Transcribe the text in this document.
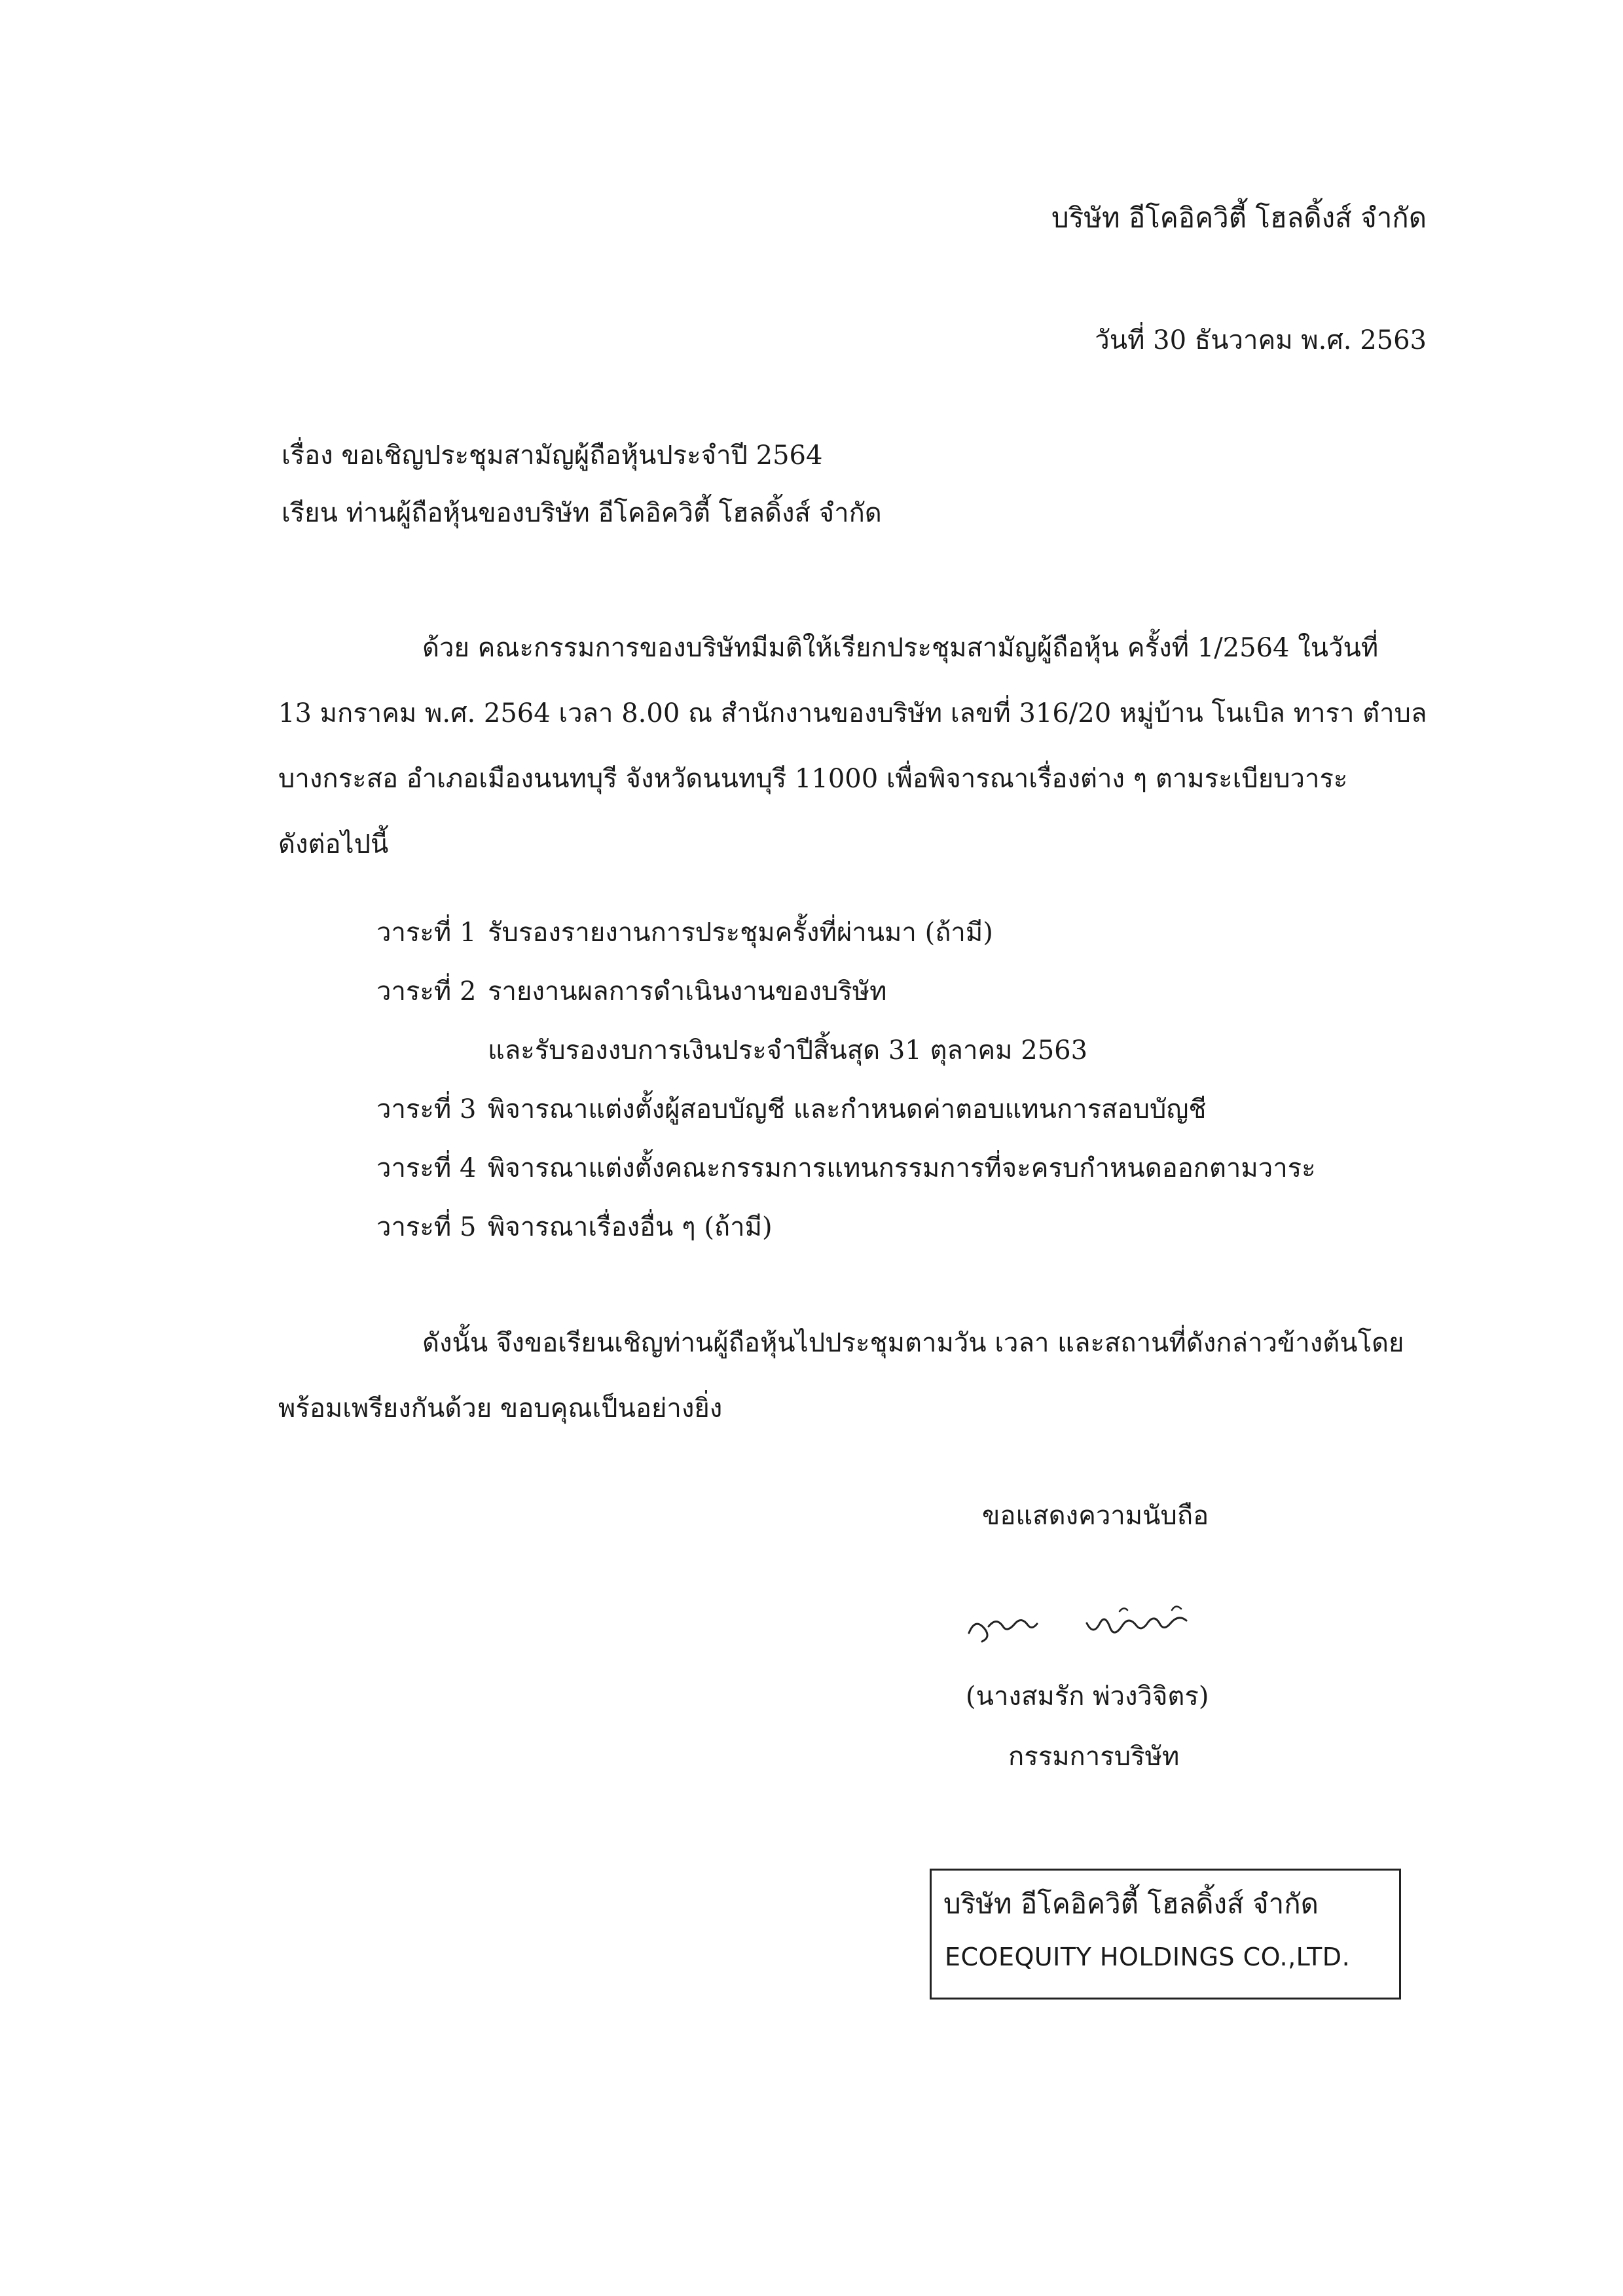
บริษัท อีโคอิควิตี้ โฮลดิ้งส์ จำกัด
วันที่ 30 ธันวาคม พ.ศ. 2563
เรื่อง ขอเชิญประชุมสามัญผู้ถือหุ้นประจำปี 2564
เรียน ท่านผู้ถือหุ้นของบริษัท อีโคอิควิตี้ โฮลดิ้งส์ จำกัด
ด้วย คณะกรรมการของบริษัทมีมติให้เรียกประชุมสามัญผู้ถือหุ้น ครั้งที่ 1/2564 ในวันที่
13 มกราคม พ.ศ. 2564 เวลา 8.00 ณ สำนักงานของบริษัท เลขที่ 316/20 หมู่บ้าน โนเบิล ทารา ตำบล
บางกระสอ อำเภอเมืองนนทบุรี จังหวัดนนทบุรี 11000 เพื่อพิจารณาเรื่องต่าง ๆ ตามระเบียบวาระ
ดังต่อไปนี้
วาระที่ 1 รับรองรายงานการประชุมครั้งที่ผ่านมา (ถ้ามี)
วาระที่ 2 รายงานผลการดำเนินงานของบริษัท
และรับรองงบการเงินประจำปีสิ้นสุด 31 ตุลาคม 2563
วาระที่ 3 พิจารณาแต่งตั้งผู้สอบบัญชี และกำหนดค่าตอบแทนการสอบบัญชี
วาระที่ 4 พิจารณาแต่งตั้งคณะกรรมการแทนกรรมการที่จะครบกำหนดออกตามวาระ
วาระที่ 5 พิจารณาเรื่องอื่น ๆ (ถ้ามี)
ดังนั้น จึงขอเรียนเชิญท่านผู้ถือหุ้นไปประชุมตามวัน เวลา และสถานที่ดังกล่าวข้างต้นโดย
พร้อมเพรียงกันด้วย ขอบคุณเป็นอย่างยิ่ง
ขอแสดงความนับถือ
(นางสมรัก พ่วงวิจิตร)
กรรมการบริษัท
บริษัท อีโคอิควิตี้ โฮลดิ้งส์ จำกัด
ECOEQUITY HOLDINGS CO.,LTD.
